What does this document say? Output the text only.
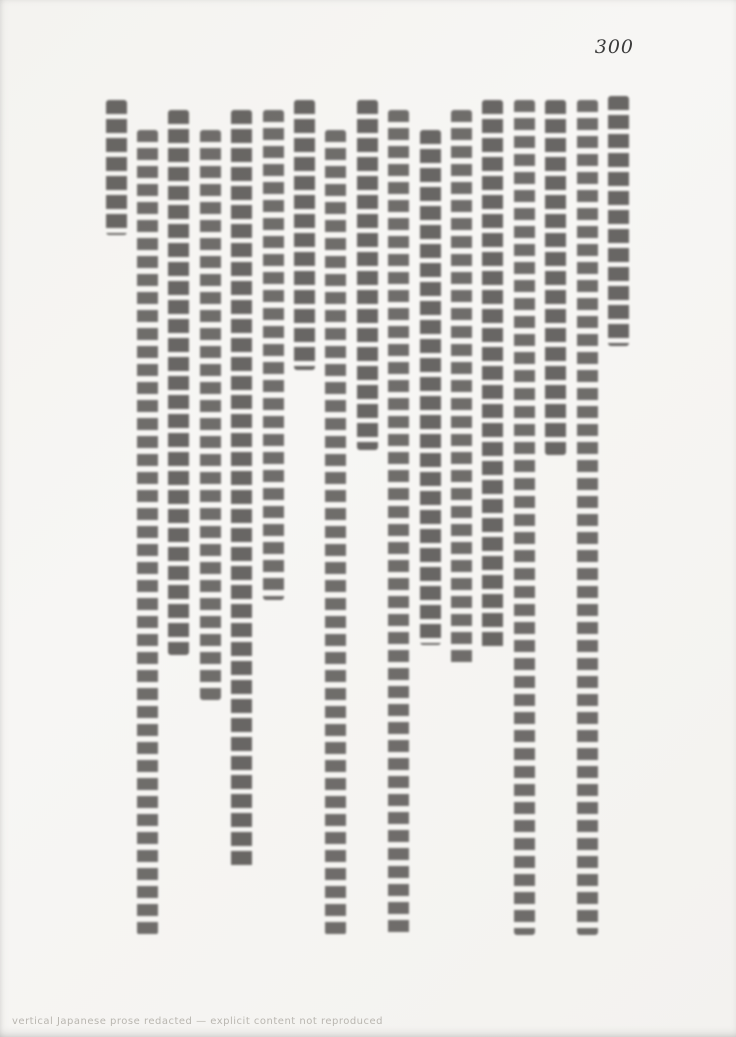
300
vertical Japanese prose redacted — explicit content not reproduced
